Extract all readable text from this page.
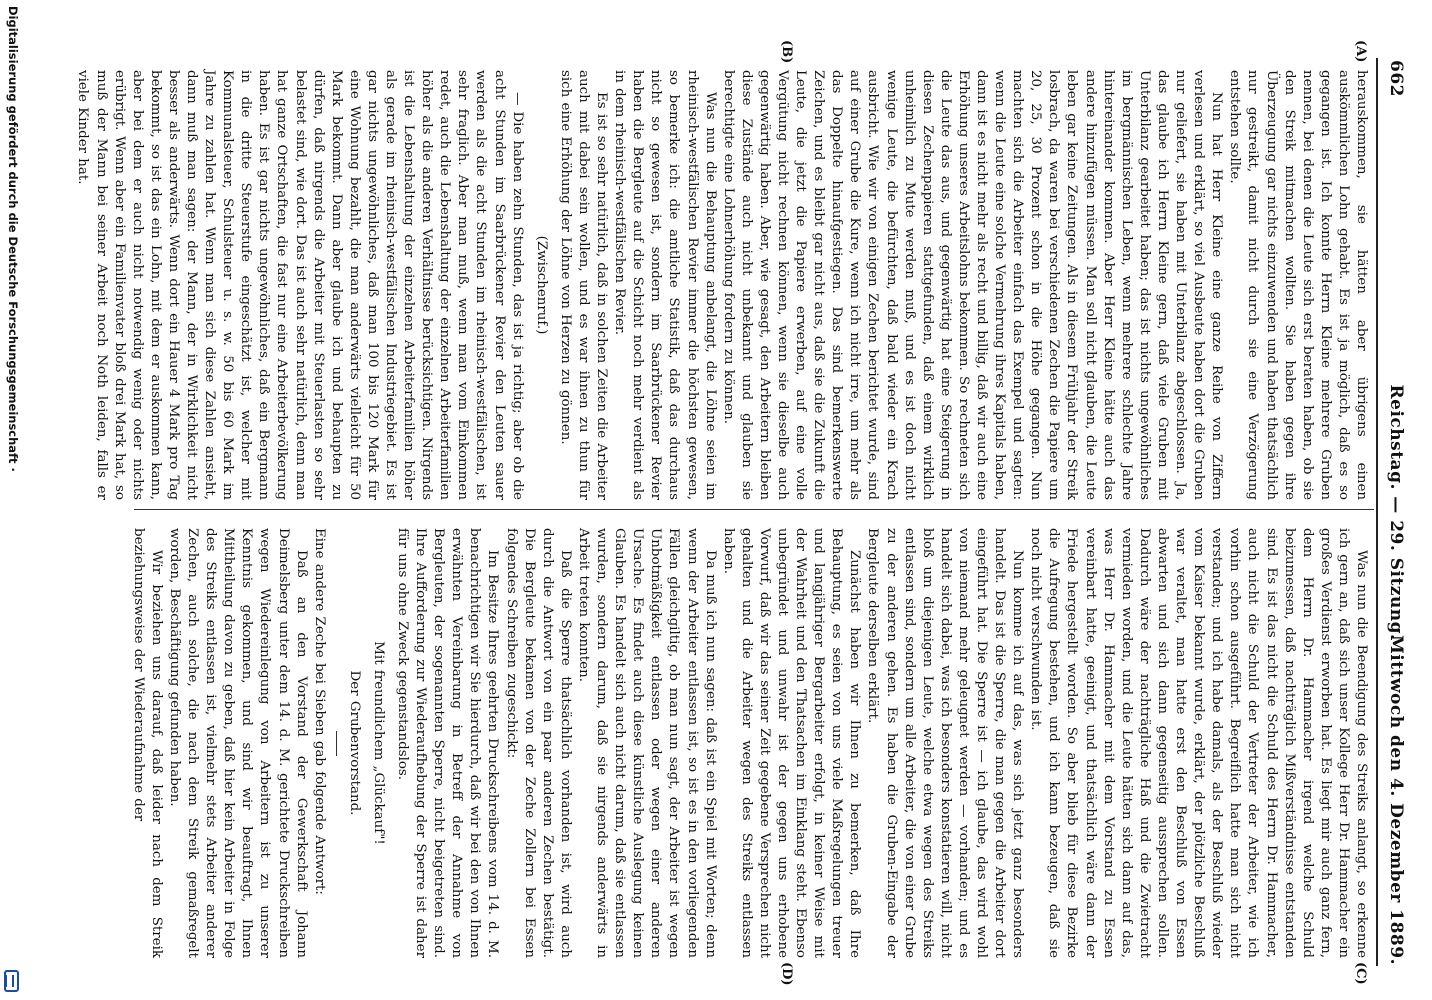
662
Reichstag. — 29. Sitzung.
Mittwoch den 4. Dezember 1889.
(A)
(B)
(C)
(D)

herauskommen, sie hätten aber übrigens einen auskömmlichen Lohn gehabt. Es ist ja möglich, daß es so gegangen ist. Ich konnte Herrn Kleine mehrere Gruben nennen, bei denen die Leute sich erst beraten haben, ob sie den Streik mitmachen wollten. Sie haben gegen ihre Überzeugung gar nichts einzuwenden und haben thatsächlich nur gestreikt, damit nicht durch sie eine Verzögerung entstehen sollte.

Nun hat Herr Kleine eine ganze Reihe von Ziffern verlesen und erklärt, so viel Ausbeute haben dort die Gruben nur geliefert, sie haben mit Unterbilanz abgeschlossen. Ja, das glaube ich Herrn Kleine gern, daß viele Gruben mit Unterbilanz gearbeitet haben; das ist nichts ungewöhnliches im bergmännischen Leben, wenn mehrere schlechte Jahre hintereinander kommen. Aber Herr Kleine hätte auch das andere hinzufügen müssen. Man soll nicht glauben, die Leute leben gar keine Zeitungen. Als in diesem Frühjahr der Streik losbrach, da waren bei verschiedenen Zechen die Papiere um 20, 25, 30 Prozent schon in die Höhe gegangen. Nun machten sich die Arbeiter einfach das Exempel und sagten: wenn die Leute eine solche Vermehrung ihres Kapitals haben, dann ist es nicht mehr als recht und billig, daß wir auch eine Erhöhung unseres Arbeitslohns bekommen. So rechneten sich die Leute das aus, und gegenwärtig hat eine Steigerung in diesen Zechenpapieren stattgefunden, daß einem wirklich unheimlich zu Mute werden muß, und es ist doch nicht wenige Leute, die befürchten, daß bald wieder ein Krach ausbricht. Wie wir von einigen Zechen berichtet wurde, sind auf einer Grube die Kure, wenn ich nicht irre, um mehr als das Doppelte hinaufgestiegen. Das sind bemerkenswerte Zeichen, und es bleibt gar nicht aus, daß sie die Zukunft die Leute, die jetzt die Papiere erwerben, auf eine volle Vergütung nicht rechnen können, wenn sie dieselbe auch gegenwärtig haben. Aber, wie gesagt, den Arbeitern bleiben diese Zustände auch nicht unbekannt und glauben sie berechtigte eine Lohnerhöhung fordern zu können.

Was nun die Behauptung anbelangt, die Löhne seien im rheinisch-westfälischen Revier immer die höchsten gewesen, so bemerke ich: die amtliche Statistik, daß das durchaus nicht so gewesen ist, sondern im Saarbrückener Revier haben die Bergleute auf die Schicht noch mehr verdient als in dem rheinisch-westfälischen Revier.

Es ist so sehr natürlich, daß in solchen Zeiten die Arbeiter auch mit dabei sein wollen, und es war ihnen zu thun für sich eine Erhöhung der Löhne von Herzen zu gönnen.

(Zwischenruf.)

— Die haben zehn Stunden, das ist ja richtig; aber ob die acht Stunden im Saarbrückener Revier den Leuten sauer werden als die acht Stunden im rheinisch-westfälischen, ist sehr fraglich. Aber man muß, wenn man vom Einkommen redet, auch die Lebenshaltung der einzelnen Arbeiterfamilien höher als die anderen Verhältnisse berücksichtigen. Nirgends ist die Lebenshaltung der einzelnen Arbeiterfamilien höher als gerade im rheinisch-westfälischen Industriegebiet. Es ist gar nichts ungewöhnliches, daß man 100 bis 120 Mark für eine Wohnung bezahlt, die man anderwärts vielleicht für 50 Mark bekommt. Dann aber glaube ich und behaupten zu dürfen, daß nirgends die Arbeiter mit Steuerlasten so sehr belastet sind, wie dort. Das ist auch sehr natürlich, denn man hat ganze Ortschaften, die fast nur eine Arbeiterbevölkerung haben. Es ist gar nichts ungewöhnliches, daß ein Bergmann in die dritte Steuerstufe eingeschätzt ist, welcher mit Kommunalsteuer, Schulsteuer u. s. w. 50 bis 60 Mark im Jahre zu zahlen hat. Wenn man sich diese Zahlen ansieht, dann muß man sagen: der Mann, der in Wirklichkeit nicht besser als anderwärts. Wenn dort ein Hauer 4 Mark pro Tag bekommt, so ist das ein Lohn, mit dem er auskommen kann, aber bei dem er auch nicht notwendig wenig oder nichts erübrigt. Wenn aber ein Familienvater bloß drei Mark hat, so muß der Mann bei seiner Arbeit noch Noth leiden, falls er viele Kinder hat.

Was nun die Beendigung des Streiks anlangt, so erkenne ich gern an, daß sich unser Kollege Herr Dr. Hammacher ein großes Verdienst erworben hat. Es liegt mir auch ganz fern, dem Herrn Dr. Hammacher irgend welche Schuld beizumessen, daß nachträglich Mißverständnisse entstanden sind. Es ist das nicht die Schuld des Herrn Dr. Hammacher, auch nicht die Schuld der Vertreter der Arbeiter, wie ich vorhin schon ausgeführt. Begreiflich hatte man sich nicht verstanden; und ich habe damals, als der Beschluß wieder vom Kaiser bekannt wurde, erklärt, der plötzliche Beschluß war veraltet, man hatte erst den Beschluß von Essen abwarten und sich dann gegenseitig aussprechen sollen. Dadurch wäre der nachträgliche Haß und die Zwietracht vermieden worden, und die Leute hätten sich dann auf das, was Herr Dr. Hammacher mit dem Vorstand zu Essen vereinbart hatte, geeinigt, und thatsächlich wäre dann der Friede hergestellt worden. So aber blieb für diese Bezirke die Aufregung bestehen, und ich kann bezeugen, daß sie noch nicht verschwunden ist.

Nun komme ich auf das, was sich jetzt ganz besonders handelt. Das ist die Sperre, die man gegen die Arbeiter dort eingeführt hat. Die Sperre ist — ich glaube, das wird wohl von niemand mehr geleugnet werden — vorhanden; und es handelt sich dabei, was ich besonders konstatieren will, nicht bloß um diejenigen Leute, welche etwa wegen des Streiks entlassen sind, sondern um alle Arbeiter, die von einer Grube zu der anderen gehen. Es haben die Gruben-Eingabe der Bergleute derselben erklärt.

Zunächst haben wir Ihnen zu bemerken, daß Ihre Behauptung, es seien von uns viele Maßregelungen treuer und langjähriger Bergarbeiter erfolgt, in keiner Weise mit der Wahrheit und den Thatsachen im Einklang steht. Ebenso unbegründet und unwahr ist der gegen uns erhobene Vorwurf, daß wir das seiner Zeit gegebene Versprechen nicht gehalten und die Arbeiter wegen des Streiks entlassen haben.

Da muß ich nun sagen: daß ist ein Spiel mit Worten; denn wenn der Arbeiter entlassen ist, so ist es in den vorliegenden Fällen gleichgiltig, ob man nun sagt, der Arbeiter ist wegen Unbotmäßigkeit entlassen oder wegen einer anderen Ursache. Es findet auch diese künstliche Auslegung keinen Glauben. Es handelt sich auch nicht darum, daß sie entlassen wurden, sondern darum, daß sie nirgends anderwärts in Arbeit treten konnten.

Daß die Sperre thatsächlich vorhanden ist, wird auch durch die Antwort von ein paar anderen Zechen bestätigt. Die Bergleute bekamen von der Zeche Zollern bei Essen folgendes Schreiben zugeschickt:

Im Besitze Ihres geehrten Druckschreibens vom 14. d. M. benachrichtigen wir Sie hierdurch, daß wir bei den von Ihnen erwähnten Vereinbarung in Betreff der Annahme von Bergleuten, der sogenannten Sperre, nicht beigetreten sind. Ihre Aufforderung zur Wiederaufhebung der Sperre ist daher für uns ohne Zweck gegenstandslos.

Mit freundlichem „Glückauf"!

Der Grubenvorstand.

Eine andere Zeche bei Sieben gab folgende Antwort:

Daß an den Vorstand der Gewerkschaft Johann Deimelsberg unter dem 14. d. M. gerichtete Druckschreiben wegen Wiedereinlegung von Arbeitern ist zu unserer Kenntnis gekommen, und sind wir beauftragt, Ihnen Mittheilung davon zu geben, daß hier kein Arbeiter in Folge des Streiks entlassen ist, vielmehr stets Arbeiter anderer Zechen, auch solche, die nach dem Streik gemaßregelt worden, Beschäftigung gefunden haben.

Wir beziehen uns darauf, daß leider nach dem Streik beziehungsweise der Wiederaufnahme der

Digitalisierung gefördert durch die Deutsche Forschungsgemeinschaft ·
